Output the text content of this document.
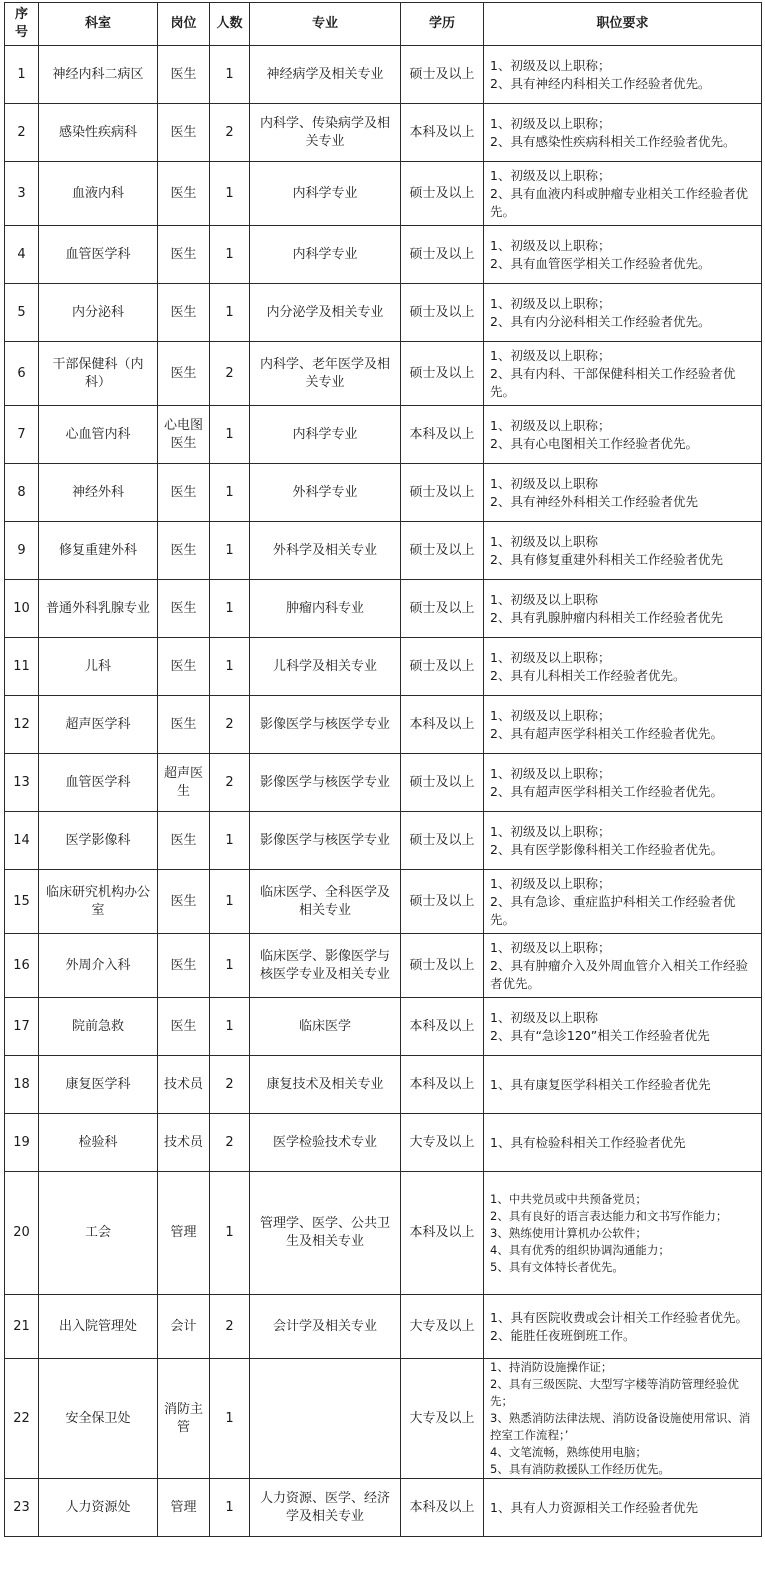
序号	科室	岗位	人数	专业	学历	职位要求
1	神经内科二病区	医生	1	神经病学及相关专业	硕士及以上	1、初级及以上职称；
2、具有神经内科相关工作经验者优先。

2	感染性疾病科	医生	2	内科学、传染病学及相关专业	本科及以上	1、初级及以上职称；
2、具有感染性疾病科相关工作经验者优先。

3	血液内科	医生	1	内科学专业	硕士及以上	1、初级及以上职称；
2、具有血液内科或肿瘤专业相关工作经验者优先。

4	血管医学科	医生	1	内科学专业	硕士及以上	1、初级及以上职称；
2、具有血管医学相关工作经验者优先。

5	内分泌科	医生	1	内分泌学及相关专业	硕士及以上	1、初级及以上职称；
2、具有内分泌科相关工作经验者优先。

6	干部保健科（内科）	医生	2	内科学、老年医学及相关专业	硕士及以上	1、初级及以上职称；
2、具有内科、干部保健科相关工作经验者优先。

7	心血管内科	心电图医生	1	内科学专业	本科及以上	1、初级及以上职称；
2、具有心电图相关工作经验者优先。

8	神经外科	医生	1	外科学专业	硕士及以上	1、初级及以上职称
2、具有神经外科相关工作经验者优先

9	修复重建外科	医生	1	外科学及相关专业	硕士及以上	1、初级及以上职称
2、具有修复重建外科相关工作经验者优先

10	普通外科乳腺专业	医生	1	肿瘤内科专业	硕士及以上	1、初级及以上职称
2、具有乳腺肿瘤内科相关工作经验者优先

11	儿科	医生	1	儿科学及相关专业	硕士及以上	1、初级及以上职称；
2、具有儿科相关工作经验者优先。

12	超声医学科	医生	2	影像医学与核医学专业	本科及以上	1、初级及以上职称；
2、具有超声医学科相关工作经验者优先。

13	血管医学科	超声医生	2	影像医学与核医学专业	硕士及以上	1、初级及以上职称；
2、具有超声医学科相关工作经验者优先。

14	医学影像科	医生	1	影像医学与核医学专业	硕士及以上	1、初级及以上职称；
2、具有医学影像科相关工作经验者优先。

15	临床研究机构办公室	医生	1	临床医学、全科医学及相关专业	硕士及以上	1、初级及以上职称；
2、具有急诊、重症监护科相关工作经验者优先。

16	外周介入科	医生	1	临床医学、影像医学与核医学专业及相关专业	硕士及以上	1、初级及以上职称；
2、具有肿瘤介入及外周血管介入相关工作经验者优先。

17	院前急救	医生	1	临床医学	本科及以上	1、初级及以上职称
2、具有“急诊120”相关工作经验者优先

18	康复医学科	技术员	2	康复技术及相关专业	本科及以上	1、具有康复医学科相关工作经验者优先

19	检验科	技术员	2	医学检验技术专业	大专及以上	1、具有检验科相关工作经验者优先

20	工会	管理	1	管理学、医学、公共卫生及相关专业	本科及以上	1、中共党员或中共预备党员；
2、具有良好的语言表达能力和文书写作能力；
3、熟练使用计算机办公软件；
4、具有优秀的组织协调沟通能力；
5、具有文体特长者优先。

21	出入院管理处	会计	2	会计学及相关专业	大专及以上	1、具有医院收费或会计相关工作经验者优先。
2、能胜任夜班倒班工作。

22	安全保卫处	消防主管	1		大专及以上	1、持消防设施操作证；
2、具有三级医院、大型写字楼等消防管理经验优先；
3、熟悉消防法律法规、消防设备设施使用常识、消控室工作流程；’
4、文笔流畅，熟练使用电脑；
5、具有消防救援队工作经历优先。

23	人力资源处	管理	1	人力资源、医学、经济学及相关专业	本科及以上	1、具有人力资源相关工作经验者优先
